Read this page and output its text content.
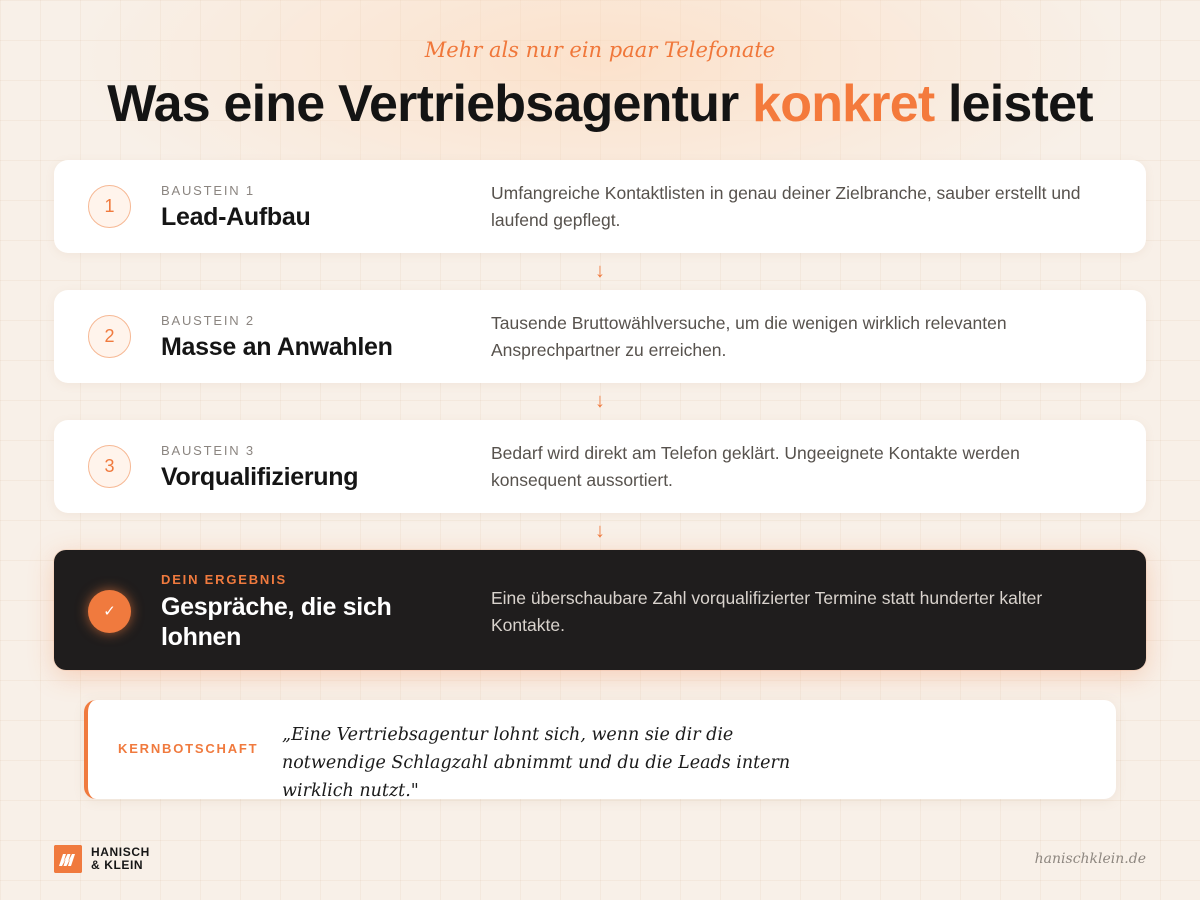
Mehr als nur ein paar Telefonate
Was eine Vertriebsagentur konkret leistet
1
BAUSTEIN 1
Lead-Aufbau
Umfangreiche Kontaktlisten in genau deiner Zielbranche, sauber erstellt und laufend gepflegt.
↓
2
BAUSTEIN 2
Masse an Anwahlen
Tausende Bruttowählversuche, um die wenigen wirklich relevanten Ansprechpartner zu erreichen.
↓
3
BAUSTEIN 3
Vorqualifizierung
Bedarf wird direkt am Telefon geklärt. Ungeeignete Kontakte werden konsequent aussortiert.
↓
✓
DEIN ERGEBNIS
Gespräche, die sich lohnen
Eine überschaubare Zahl vorqualifizierter Termine statt hunderter kalter Kontakte.
KERNBOTSCHAFT
„Eine Vertriebsagentur lohnt sich, wenn sie dir die notwendige Schlagzahl abnimmt und du die Leads intern wirklich nutzt."
HANISCH
& KLEIN	hanischklein.de
